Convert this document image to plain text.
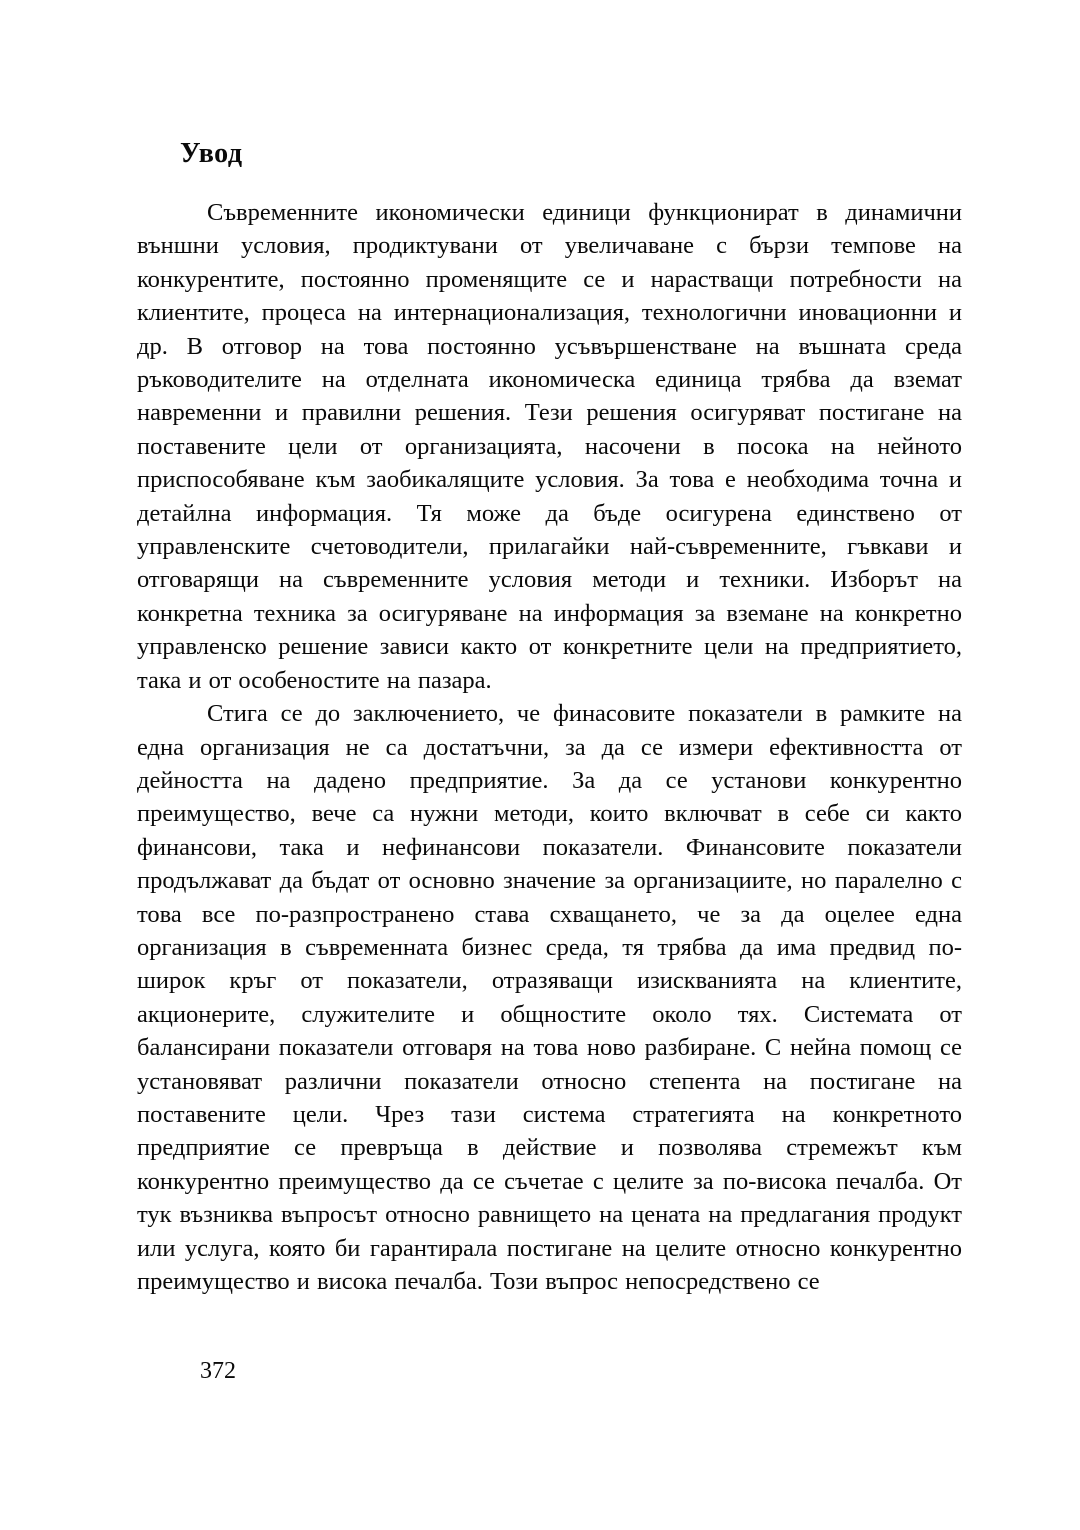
Увод

Съвременните икономически единици функционират в динамични външни условия, продиктувани от увеличаване с бързи темпове на конкурентите, постоянно променящите се и нарастващи потребности на клиентите, процеса на интернационализация, технологични иновационни и др. В отговор на това постоянно усъвършенстване на въшната среда ръководителите на отделната икономическа единица трябва да вземат навременни и правилни решения. Тези решения осигуряват постигане на поставените цели от организацията, насочени в посока на нейното приспособяване към заобикалящите условия. За това е необходима точна и детайлна информация. Тя може да бъде осигурена единствено от управленските счетоводители, прилагайки най-съвременните, гъвкави и отговарящи на съвременните условия методи и техники. Изборът на конкретна техника за осигуряване на информация за вземане на конкретно управленско решение зависи както от конкретните цели на предприятието, така и от особеностите на пазара.

Стига се до заключението, че финасовите показатели в рамките на една организация не са достатъчни, за да се измери ефективността от дейността на дадено предприятие. За да се установи конкурентно преимущество, вече са нужни методи, които включват в себе си както финансови, така и нефинансови показатели. Финансовите показатели продължават да бъдат от основно значение за организациите, но паралелно с това все по-разпространено става схващането, че за да оцелее една организация в съвременната бизнес среда, тя трябва да има предвид по-широк кръг от показатели, отразяващи изискванията на клиентите, акционерите, служителите и общностите около тях. Системата от балансирани показатели отговаря на това ново разбиране. С нейна помощ се установяват различни показатели относно степента на постигане на поставените цели. Чрез тази система стратегията на конкретното предприятие се превръща в действие и позволява стремежът към конкурентно преимущество да се съчетае с целите за по-висока печалба. От тук възниква въпросът относно равнището на цената на предлагания продукт или услуга, която би гарантирала постигане на целите относно конкурентно преимущество и висока печалба. Този въпрос непосредствено се

372
